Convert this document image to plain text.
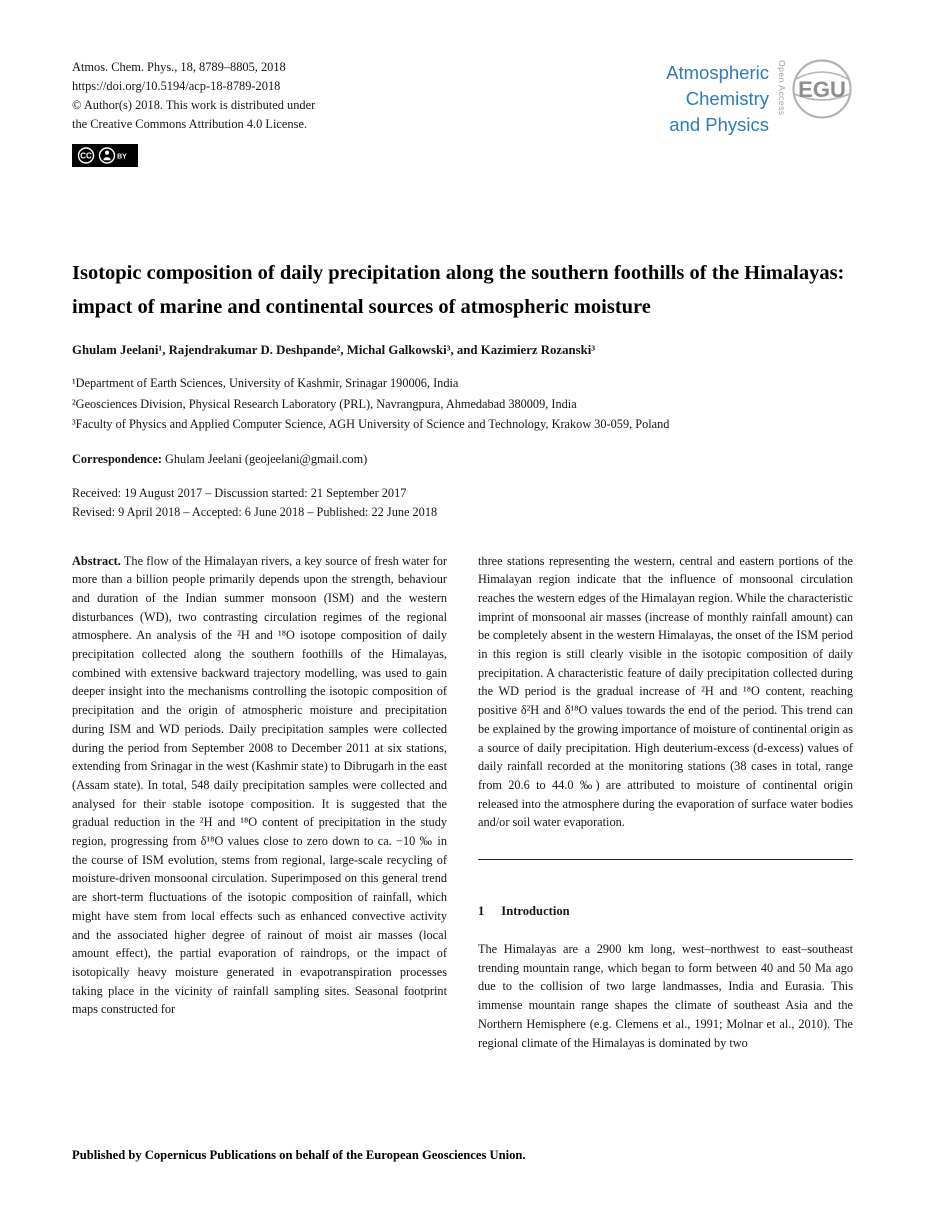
Atmos. Chem. Phys., 18, 8789–8805, 2018
https://doi.org/10.5194/acp-18-8789-2018
© Author(s) 2018. This work is distributed under
the Creative Commons Attribution 4.0 License.
CC	BY
Atmospheric
Chemistry
and Physics
Open Access EGU
Isotopic composition of daily precipitation along the southern foothills of the Himalayas: impact of marine and continental sources of atmospheric moisture
Ghulam Jeelani¹, Rajendrakumar D. Deshpande², Michal Galkowski³, and Kazimierz Rozanski³
¹Department of Earth Sciences, University of Kashmir, Srinagar 190006, India
²Geosciences Division, Physical Research Laboratory (PRL), Navrangpura, Ahmedabad 380009, India
³Faculty of Physics and Applied Computer Science, AGH University of Science and Technology, Krakow 30-059, Poland
Correspondence: Ghulam Jeelani (geojeelani@gmail.com)
Received: 19 August 2017 – Discussion started: 21 September 2017
Revised: 9 April 2018 – Accepted: 6 June 2018 – Published: 22 June 2018

Abstract. The flow of the Himalayan rivers, a key source of fresh water for more than a billion people primarily depends upon the strength, behaviour and duration of the Indian summer monsoon (ISM) and the western disturbances (WD), two contrasting circulation regimes of the regional atmosphere. An analysis of the ²H and ¹⁸O isotope composition of daily precipitation collected along the southern foothills of the Himalayas, combined with extensive backward trajectory modelling, was used to gain deeper insight into the mechanisms controlling the isotopic composition of precipitation and the origin of atmospheric moisture and precipitation during ISM and WD periods. Daily precipitation samples were collected during the period from September 2008 to December 2011 at six stations, extending from Srinagar in the west (Kashmir state) to Dibrugarh in the east (Assam state). In total, 548 daily precipitation samples were collected and analysed for their stable isotope composition. It is suggested that the gradual reduction in the ²H and ¹⁸O content of precipitation in the study region, progressing from δ¹⁸O values close to zero down to ca. −10 ‰ in the course of ISM evolution, stems from regional, large-scale recycling of moisture-driven monsoonal circulation. Superimposed on this general trend are short-term fluctuations of the isotopic composition of rainfall, which might have stem from local effects such as enhanced convective activity and the associated higher degree of rainout of moist air masses (local amount effect), the partial evaporation of raindrops, or the impact of isotopically heavy moisture generated in evapotranspiration processes taking place in the vicinity of rainfall sampling sites. Seasonal footprint maps constructed for

three stations representing the western, central and eastern portions of the Himalayan region indicate that the influence of monsoonal circulation reaches the western edges of the Himalayan region. While the characteristic imprint of monsoonal air masses (increase of monthly rainfall amount) can be completely absent in the western Himalayas, the onset of the ISM period in this region is still clearly visible in the isotopic composition of daily precipitation. A characteristic feature of daily precipitation collected during the WD period is the gradual increase of ²H and ¹⁸O content, reaching positive δ²H and δ¹⁸O values towards the end of the period. This trend can be explained by the growing importance of moisture of continental origin as a source of daily precipitation. High deuterium-excess (d-excess) values of daily rainfall recorded at the monitoring stations (38 cases in total, range from 20.6 to 44.0 ‰) are attributed to moisture of continental origin released into the atmosphere during the evaporation of surface water bodies and/or soil water evaporation.

1 Introduction

The Himalayas are a 2900 km long, west–northwest to east–southeast trending mountain range, which began to form between 40 and 50 Ma ago due to the collision of two large landmasses, India and Eurasia. This immense mountain range shapes the climate of southeast Asia and the Northern Hemisphere (e.g. Clemens et al., 1991; Molnar et al., 2010). The regional climate of the Himalayas is dominated by two

Published by Copernicus Publications on behalf of the European Geosciences Union.
